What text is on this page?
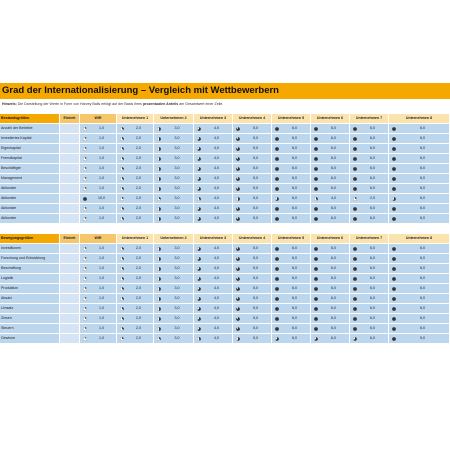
Grad der Internationalisierung – Vergleich mit Wettbewerbern
Hinweis: Die Darstellung der Werte in Form von Harvey Balls erfolgt auf der Basis ihres prozentualen Anteils am Gesamtwert einer Zeile.
Bestandsgrößen	Einheit	WIR	Unternehmen 1	Unternehmen 2	Unternehmen 3	Unternehmen 4	Unternehmen 5	Unternehmen 6	Unternehmen 7	Unternehmen 8
Anzahl der Betriebe		1,0	2,0	3,0	4,0	5,0	6,0	6,0	6,0	6,0

Investiertes Kapital		1,0	2,0	3,0	4,0	5,0	6,0	6,0	6,0	6,0

Eigenkapital		1,0	2,0	3,0	4,0	5,0	6,0	6,0	6,0	6,0

Fremdkapital		1,0	2,0	3,0	4,0	5,0	6,0	6,0	6,0	6,0

Beschäftigte		1,0	2,0	3,0	4,0	5,0	6,0	6,0	6,0	6,0

Management		1,0	2,0	3,0	4,0	5,0	6,0	6,0	6,0	6,0

Aktionäre		1,0	2,0	3,0	4,0	5,0	6,0	6,0	6,0	6,0

Aktionäre		10,0	2,0	3,0	4,0	5,0	6,0	4,0	2,0	6,0

Aktionäre		1,0	2,0	3,0	4,0	5,0	6,0	6,0	6,0	6,0

Aktionäre		1,0	2,0	3,0	4,0	5,0	6,0	6,0	6,0	6,0
Bewegungsgrößen	Einheit	WIR	Unternehmen 1	Unternehmen 2	Unternehmen 3	Unternehmen 4	Unternehmen 5	Unternehmen 6	Unternehmen 7	Unternehmen 8
Investitionen		1,0	2,0	3,0	4,0	5,0	6,0	6,0	6,0	6,0

Forschung und Entwicklung		1,0	2,0	3,0	4,0	5,0	6,0	6,0	6,0	6,0

Beschaffung		1,0	2,0	3,0	4,0	5,0	6,0	6,0	6,0	6,0

Logistik		1,0	2,0	3,0	4,0	5,0	6,0	6,0	6,0	6,0

Produktion		1,0	2,0	3,0	4,0	5,0	6,0	6,0	6,0	6,0

Absatz		1,0	2,0	3,0	4,0	5,0	6,0	6,0	6,0	6,0

Umsatz		1,0	2,0	3,0	4,0	5,0	6,0	6,0	6,0	6,0

Zinsen		1,0	2,0	3,0	4,0	5,0	6,0	6,0	6,0	6,0

Steuern		1,0	2,0	3,0	4,0	5,0	6,0	6,0	6,0	6,0

Gewinne		1,0	2,0	3,0	4,0	5,0	6,0	6,0	6,0	9,0
